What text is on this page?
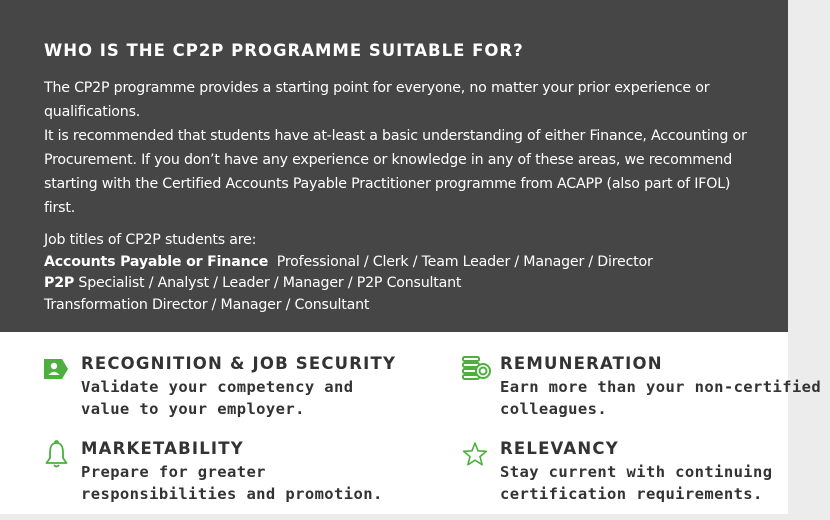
WHO IS THE CP2P PROGRAMME SUITABLE FOR?

The CP2P programme provides a starting point for everyone, no matter your prior experience or qualifications.

It is recommended that students have at-least a basic understanding of either Finance, Accounting or Procurement. If you don’t have any experience or knowledge in any of these areas, we recommend starting with the Certified Accounts Payable Practitioner programme from ACAPP (also part of IFOL) first.

Job titles of CP2P students are:

Accounts Payable or Finance  Professional / Clerk / Team Leader / Manager / Director

P2P Specialist / Analyst / Leader / Manager / P2P Consultant

Transformation Director / Manager / Consultant

RECOGNITION & JOB SECURITY

Validate your competency and value to your employer.

REMUNERATION

Earn more than your non-certified colleagues.

MARKETABILITY

Prepare for greater responsibilities and promotion.

RELEVANCY

Stay current with continuing certification requirements.
